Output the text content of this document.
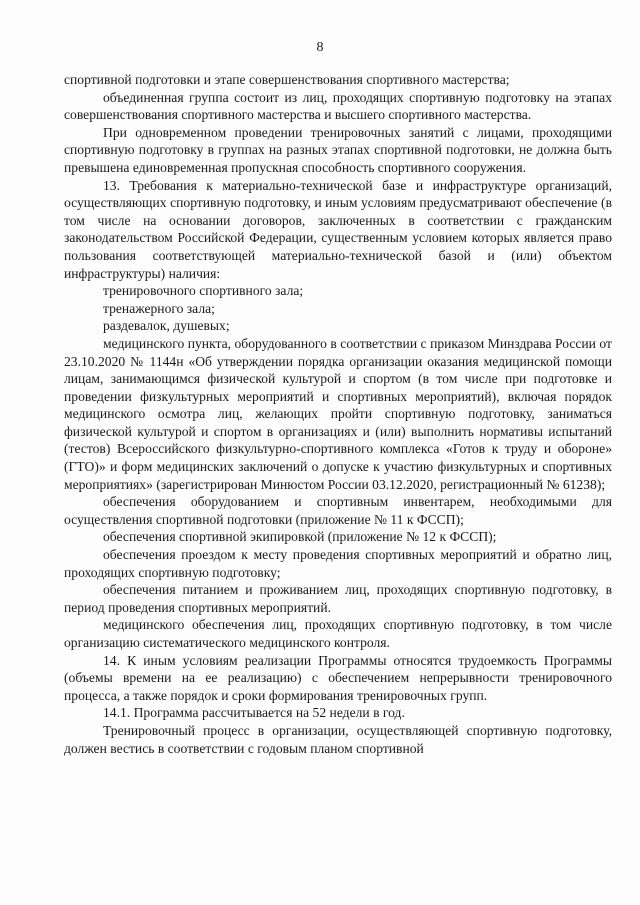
8

спортивной подготовки и этапе совершенствования спортивного мастерства;

объединенная группа состоит из лиц, проходящих спортивную подготовку на этапах совершенствования спортивного мастерства и высшего спортивного мастерства.

При одновременном проведении тренировочных занятий с лицами, проходящими спортивную подготовку в группах на разных этапах спортивной подготовки, не должна быть превышена единовременная пропускная способность спортивного сооружения.

13. Требования к материально-технической базе и инфраструктуре организаций, осуществляющих спортивную подготовку, и иным условиям предусматривают обеспечение (в том числе на основании договоров, заключенных в соответствии с гражданским законодательством Российской Федерации, существенным условием которых является право пользования соответствующей материально-технической базой и (или) объектом инфраструктуры) наличия:

тренировочного спортивного зала;

тренажерного зала;

раздевалок, душевых;

медицинского пункта, оборудованного в соответствии с приказом Минздрава России от 23.10.2020 № 1144н «Об утверждении порядка организации оказания медицинской помощи лицам, занимающимся физической культурой и спортом (в том числе при подготовке и проведении физкультурных мероприятий и спортивных мероприятий), включая порядок медицинского осмотра лиц, желающих пройти спортивную подготовку, заниматься физической культурой и спортом в организациях и (или) выполнить нормативы испытаний (тестов) Всероссийского физкультурно-спортивного комплекса «Готов к труду и обороне» (ГТО)» и форм медицинских заключений о допуске к участию физкультурных и спортивных мероприятиях» (зарегистрирован Минюстом России 03.12.2020, регистрационный № 61238);

обеспечения оборудованием и спортивным инвентарем, необходимыми для осуществления спортивной подготовки (приложение № 11 к ФССП);

обеспечения спортивной экипировкой (приложение № 12 к ФССП);

обеспечения проездом к месту проведения спортивных мероприятий и обратно лиц, проходящих спортивную подготовку;

обеспечения питанием и проживанием лиц, проходящих спортивную подготовку, в период проведения спортивных мероприятий.

медицинского обеспечения лиц, проходящих спортивную подготовку, в том числе организацию систематического медицинского контроля.

14. К иным условиям реализации Программы относятся трудоемкость Программы (объемы времени на ее реализацию) с обеспечением непрерывности тренировочного процесса, а также порядок и сроки формирования тренировочных групп.

14.1. Программа рассчитывается на 52 недели в год.

Тренировочный процесс в организации, осуществляющей спортивную подготовку, должен вестись в соответствии с годовым планом спортивной
